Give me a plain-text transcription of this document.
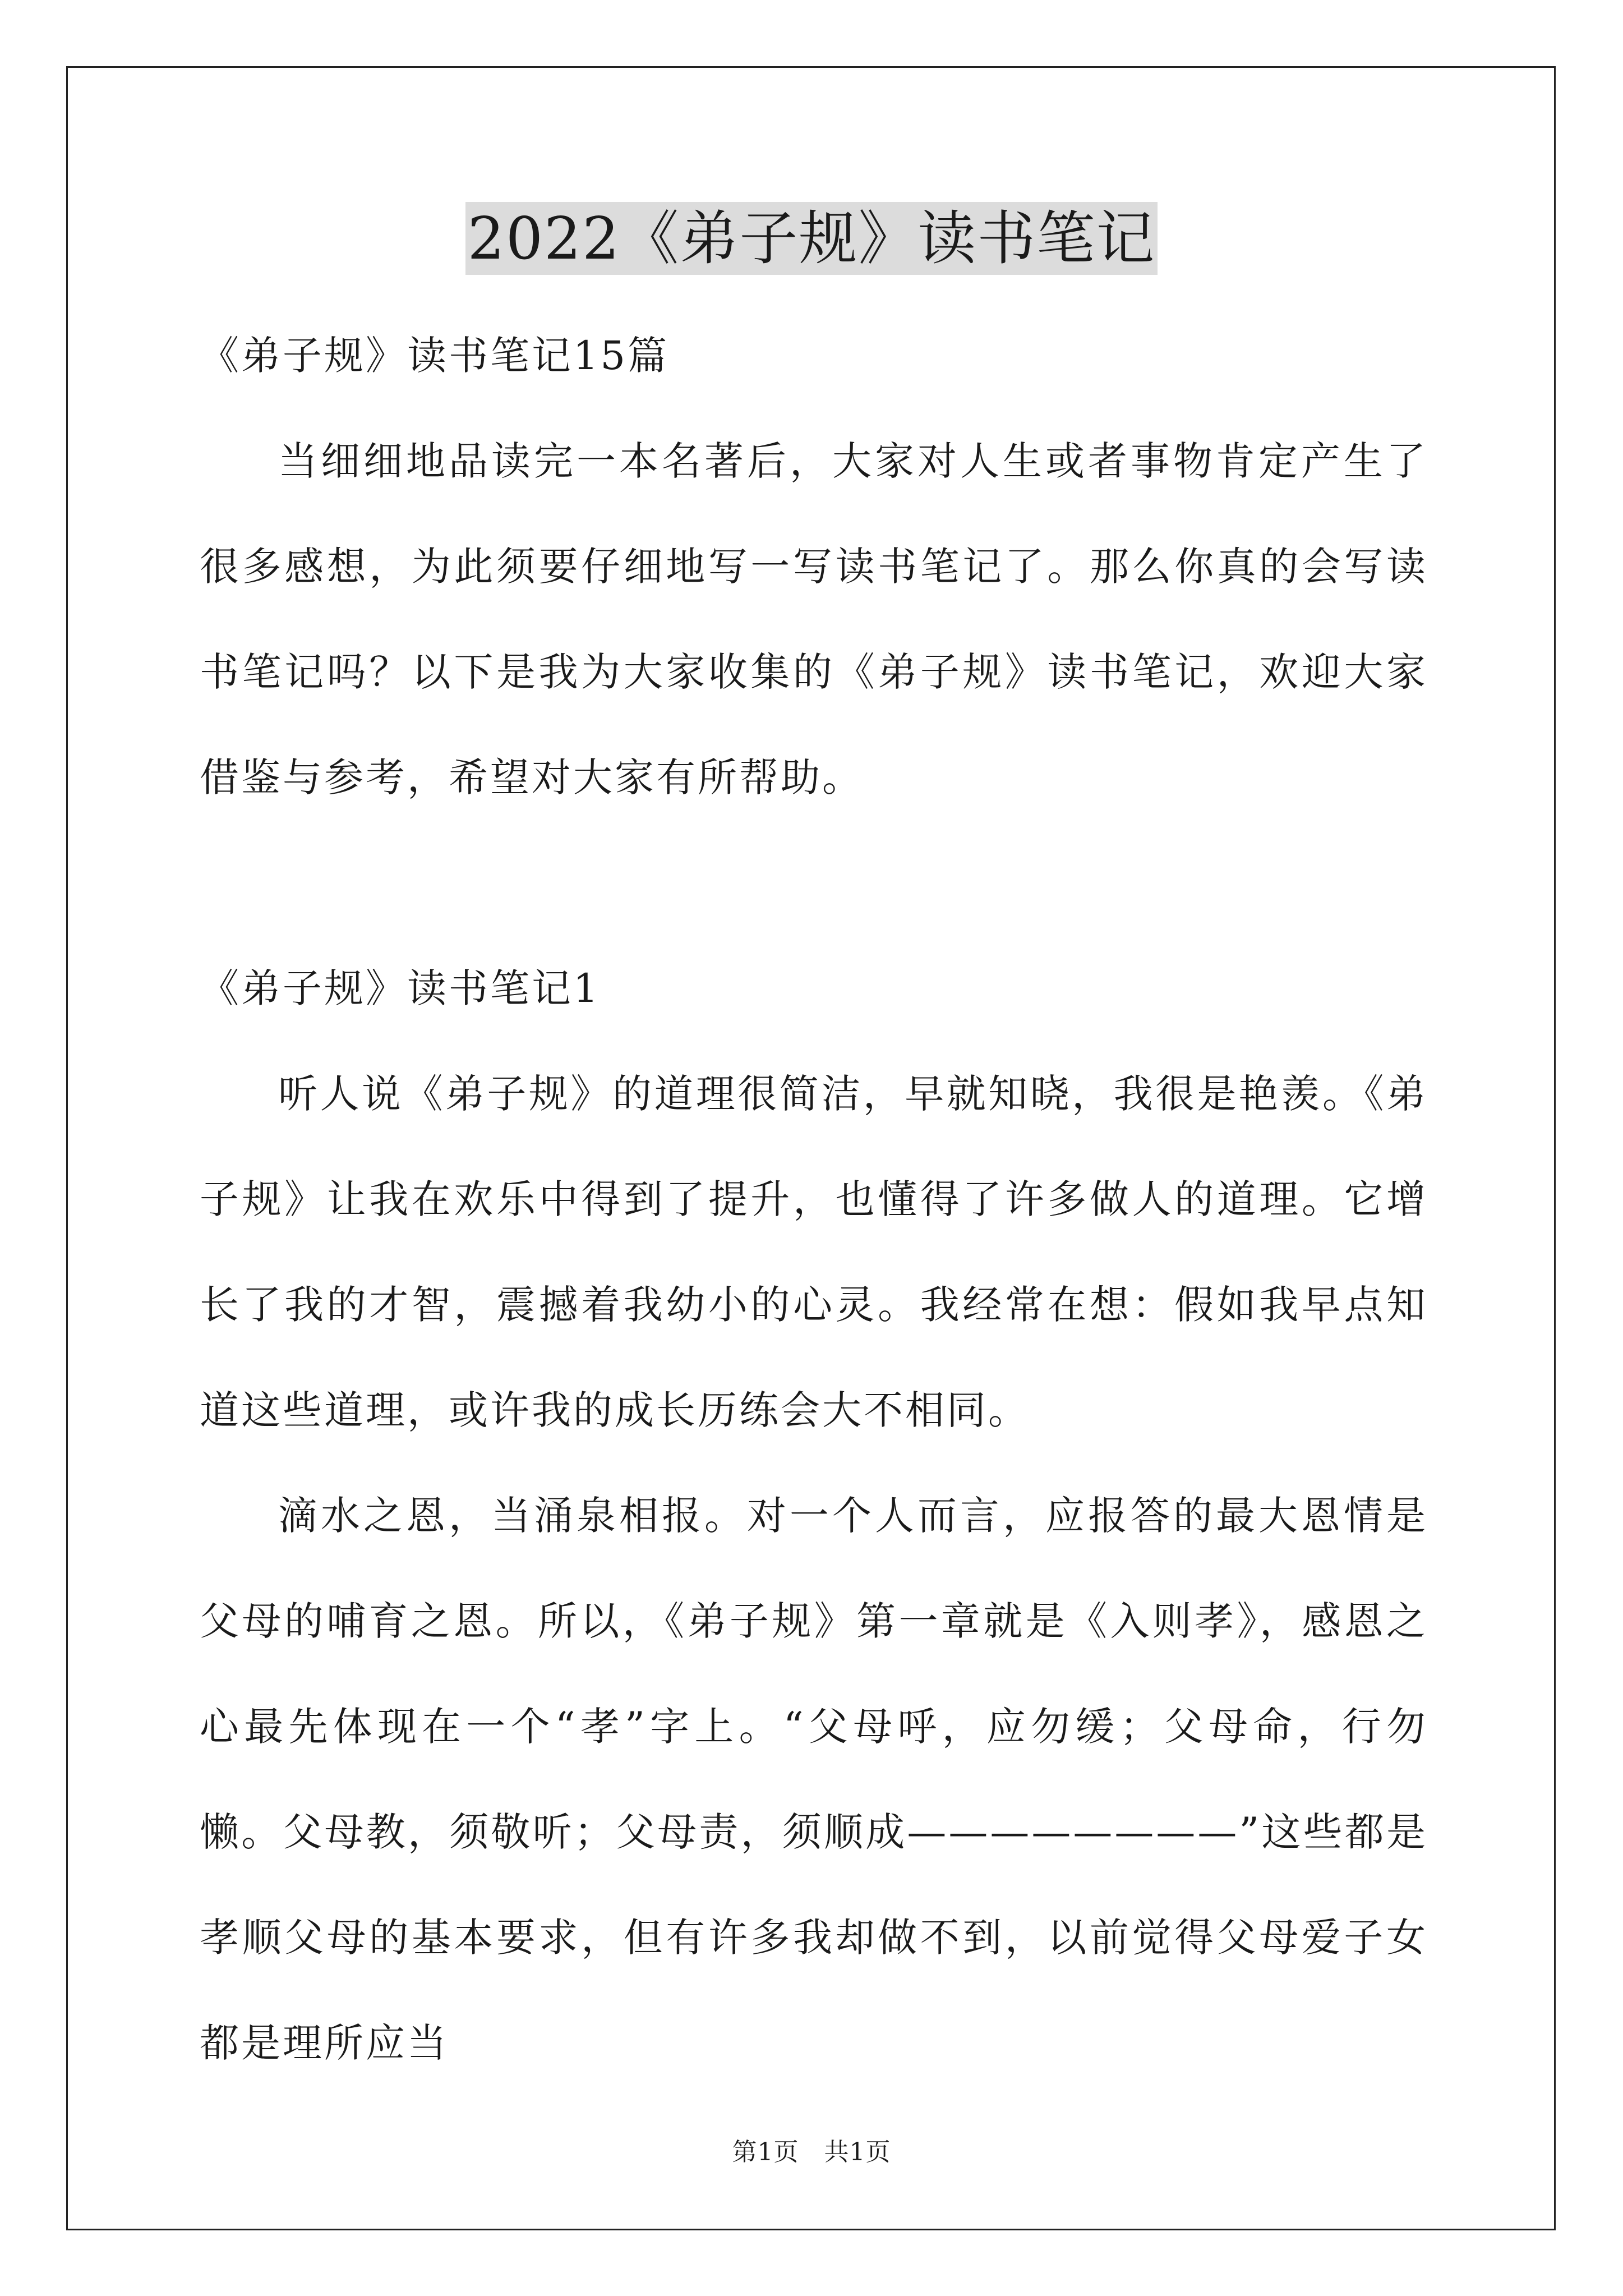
2022《弟子规》读书笔记
《弟子规》读书笔记15篇

当细细地品读完一本名著后，大家对人生或者事物肯定产生了很多感想，为此须要仔细地写一写读书笔记了。那么你真的会写读书笔记吗？以下是我为大家收集的《弟子规》读书笔记，欢迎大家借鉴与参考，希望对大家有所帮助。

《弟子规》读书笔记1

听人说《弟子规》的道理很简洁，早就知晓，我很是艳羡。《弟子规》让我在欢乐中得到了提升，也懂得了许多做人的道理。它增长了我的才智，震撼着我幼小的心灵。我经常在想：假如我早点知道这些道理，或许我的成长历练会大不相同。

滴水之恩，当涌泉相报。对一个人而言，应报答的最大恩情是父母的哺育之恩。所以，《弟子规》第一章就是《入则孝》，感恩之心最先体现在一个“孝”字上。“父母呼，应勿缓；父母命，行勿懒。父母教，须敬听；父母责，须顺成————————”这些都是孝顺父母的基本要求，但有许多我却做不到，以前觉得父母爱子女都是理所应当

第1页　共1页
